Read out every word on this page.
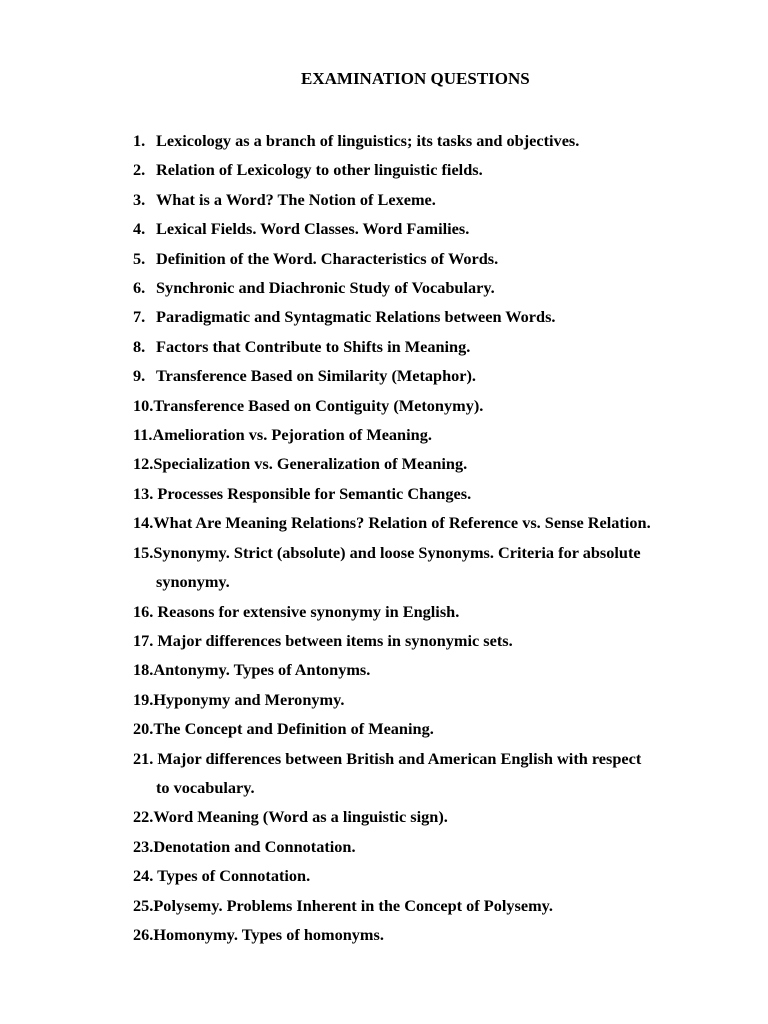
EXAMINATION QUESTIONS
1. Lexicology as a branch of linguistics; its tasks and objectives.
2. Relation of Lexicology to other linguistic fields.
3. What is a Word? The Notion of Lexeme.
4. Lexical Fields. Word Classes. Word Families.
5. Definition of the Word. Characteristics of Words.
6. Synchronic and Diachronic Study of Vocabulary.
7. Paradigmatic and Syntagmatic Relations between Words.
8. Factors that Contribute to Shifts in Meaning.
9. Transference Based on Similarity (Metaphor).
10. Transference Based on Contiguity (Metonymy).
11. Amelioration vs. Pejoration of Meaning.
12. Specialization vs. Generalization of Meaning.
13. Processes Responsible for Semantic Changes.
14. What Are Meaning Relations? Relation of Reference vs. Sense Relation.
15. Synonymy. Strict (absolute) and loose Synonyms. Criteria for absolute
synonymy.
16. Reasons for extensive synonymy in English.
17. Major differences between items in synonymic sets.
18. Antonymy. Types of Antonyms.
19. Hyponymy and Meronymy.
20. The Concept and Definition of Meaning.
21. Major differences between British and American English with respect
to vocabulary.
22. Word Meaning (Word as a linguistic sign).
23. Denotation and Connotation.
24. Types of Connotation.
25. Polysemy. Problems Inherent in the Concept of Polysemy.
26. Homonymy. Types of homonyms.
